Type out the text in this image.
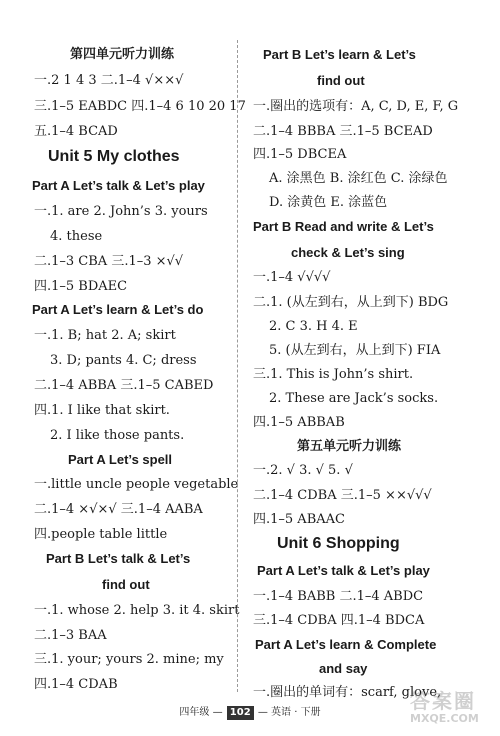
第四单元听力训练
一.2 1 4 3 二.1–4 √××√
三.1–5 EABDC 四.1–4 6 10 20 17
五.1–4 BCAD
Unit 5 My clothes
Part A Let’s talk & Let’s play
一.1. are 2. John’s 3. yours
4. these
二.1–3 CBA 三.1–3 ×√√
四.1–5 BDAEC
Part A Let’s learn & Let’s do
一.1. B; hat 2. A; skirt
3. D; pants 4. C; dress
二.1–4 ABBA 三.1–5 CABED
四.1. I like that skirt.
2. I like those pants.
Part A Let’s spell
一.little uncle people vegetable
二.1–4 ×√×√ 三.1–4 AABA
四.people table little
Part B Let’s talk & Let’s
find out
一.1. whose 2. help 3. it 4. skirt
二.1–3 BAA
三.1. your; yours 2. mine; my
四.1–4 CDAB
Part B Let’s learn & Let’s
find out
一.圈出的选项有：A, C, D, E, F, G
二.1–4 BBBA 三.1–5 BCEAD
四.1–5 DBCEA
A. 涂黑色 B. 涂红色 C. 涂绿色
D. 涂黄色 E. 涂蓝色
Part B Read and write & Let’s
check & Let’s sing
一.1–4 √√√√
二.1. (从左到右，从上到下) BDG
2. C 3. H 4. E
5. (从左到右，从上到下) FIA
三.1. This is John’s shirt.
2. These are Jack’s socks.
四.1–5 ABBAB
第五单元听力训练
一.2. √ 3. √ 5. √
二.1–4 CDBA 三.1–5 ××√√√
四.1–5 ABAAC
Unit 6 Shopping
Part A Let’s talk & Let’s play
一.1–4 BABB 二.1–4 ABDC
三.1–4 CDBA 四.1–4 BDCA
Part A Let’s learn & Complete
and say
一.圈出的单词有：scarf, glove,
四年级 — 102 — 英语 · 下册	答案圈
MXQE.COM
